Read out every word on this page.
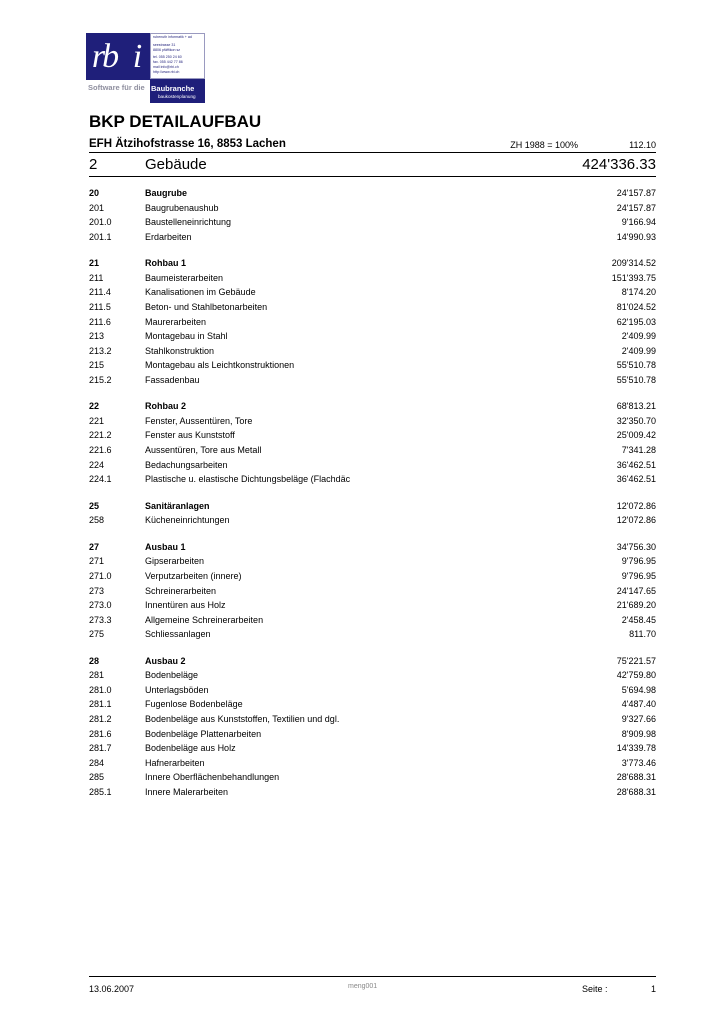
rb i
rubenuth informatik + ad
seestrasse 31
8806 pfäffikon sz
tel. 055 250 24 60
fax. 055 442 77 86
mail info@rbi.ch
http://www.rbi.ch
Baubranche
baukostenplanung
Software für die
BKP DETAILAUFBAU
EFH Ätzihofstrasse 16, 8853 Lachen	ZH 1988 = 100%	112.10
2	Gebäude	424'336.33
20	Baugrube	24'157.87
201	Baugrubenaushub	24'157.87
201.0	Baustelleneinrichtung	9'166.94
201.1	Erdarbeiten	14'990.93
21	Rohbau 1	209'314.52
211	Baumeisterarbeiten	151'393.75
211.4	Kanalisationen im Gebäude	8'174.20
211.5	Beton- und Stahlbetonarbeiten	81'024.52
211.6	Maurerarbeiten	62'195.03
213	Montagebau in Stahl	2'409.99
213.2	Stahlkonstruktion	2'409.99
215	Montagebau als Leichtkonstruktionen	55'510.78
215.2	Fassadenbau	55'510.78
22	Rohbau 2	68'813.21
221	Fenster, Aussentüren, Tore	32'350.70
221.2	Fenster aus Kunststoff	25'009.42
221.6	Aussentüren, Tore aus Metall	7'341.28
224	Bedachungsarbeiten	36'462.51
224.1	Plastische u. elastische Dichtungsbeläge (Flachdäc	36'462.51
25	Sanitäranlagen	12'072.86
258	Kücheneinrichtungen	12'072.86
27	Ausbau 1	34'756.30
271	Gipserarbeiten	9'796.95
271.0	Verputzarbeiten (innere)	9'796.95
273	Schreinerarbeiten	24'147.65
273.0	Innentüren aus Holz	21'689.20
273.3	Allgemeine Schreinerarbeiten	2'458.45
275	Schliessanlagen	811.70
28	Ausbau 2	75'221.57
281	Bodenbeläge	42'759.80
281.0	Unterlagsböden	5'694.98
281.1	Fugenlose Bodenbeläge	4'487.40
281.2	Bodenbeläge aus Kunststoffen, Textilien und dgl.	9'327.66
281.6	Bodenbeläge Plattenarbeiten	8'909.98
281.7	Bodenbeläge aus Holz	14'339.78
284	Hafnerarbeiten	3'773.46
285	Innere Oberflächenbehandlungen	28'688.31
285.1	Innere Malerarbeiten	28'688.31
13.06.2007	meng001	Seite :	1
